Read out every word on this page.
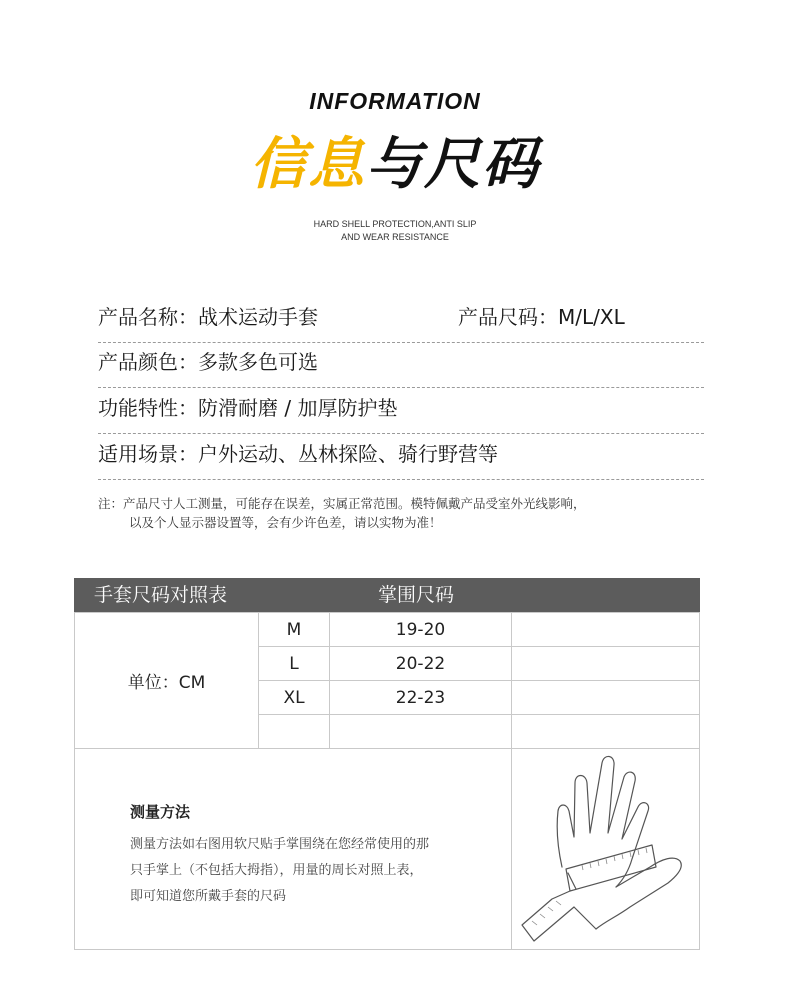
INFORMATION
信息与尺码
HARD SHELL PROTECTION,ANTI SLIP
AND WEAR RESISTANCE
产品名称：战术运动手套	产品尺码：M/L/XL
产品颜色：多款多色可选
功能特性：防滑耐磨 / 加厚防护垫
适用场景：户外运动、丛林探险、骑行野营等
注：产品尺寸人工测量，可能存在误差，实属正常范围。模特佩戴产品受室外光线影响，
以及个人显示器设置等，会有少许色差，请以实物为准！
手套尺码对照表	掌围尺码
单位：CM
M	19-20
L	20-22
XL	22-23
测量方法
测量方法如右图用软尺贴手掌围绕在您经常使用的那
只手掌上（不包括大拇指），用量的周长对照上表，
即可知道您所戴手套的尺码
